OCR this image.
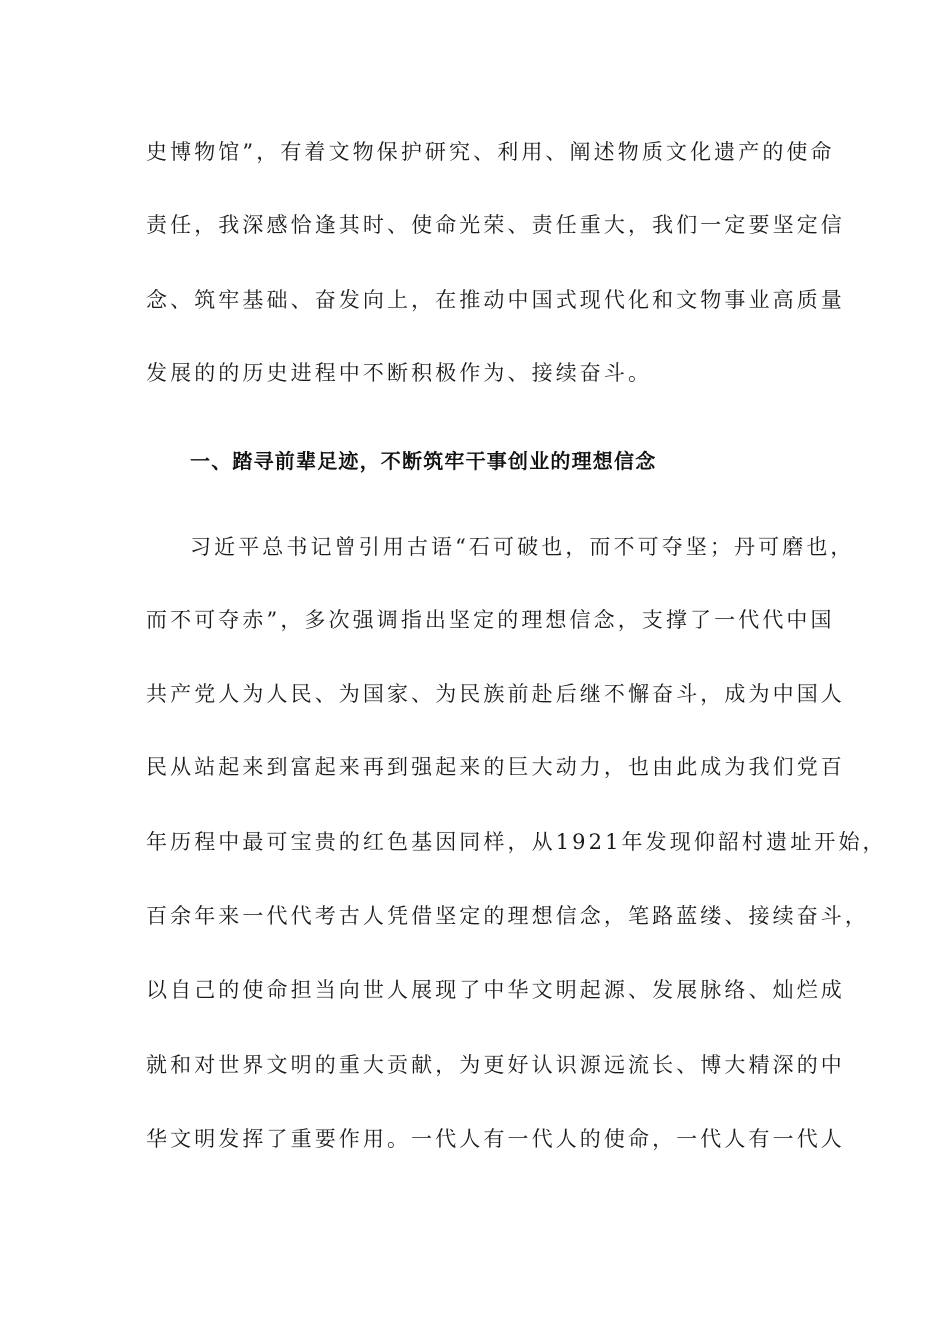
史博物馆”，有着文物保护研究、利用、阐述物质文化遗产的使命
责任，我深感恰逢其时、使命光荣、责任重大，我们一定要坚定信
念、筑牢基础、奋发向上，在推动中国式现代化和文物事业高质量
发展的的历史进程中不断积极作为、接续奋斗。
一、踏寻前辈足迹，不断筑牢干事创业的理想信念
习近平总书记曾引用古语“石可破也，而不可夺坚；丹可磨也，
而不可夺赤”，多次强调指出坚定的理想信念，支撑了一代代中国
共产党人为人民、为国家、为民族前赴后继不懈奋斗，成为中国人
民从站起来到富起来再到强起来的巨大动力，也由此成为我们党百
年历程中最可宝贵的红色基因同样，从1921年发现仰韶村遗址开始，
百余年来一代代考古人凭借坚定的理想信念，笔路蓝缕、接续奋斗，
以自己的使命担当向世人展现了中华文明起源、发展脉络、灿烂成
就和对世界文明的重大贡献，为更好认识源远流长、博大精深的中
华文明发挥了重要作用。一代人有一代人的使命，一代人有一代人
